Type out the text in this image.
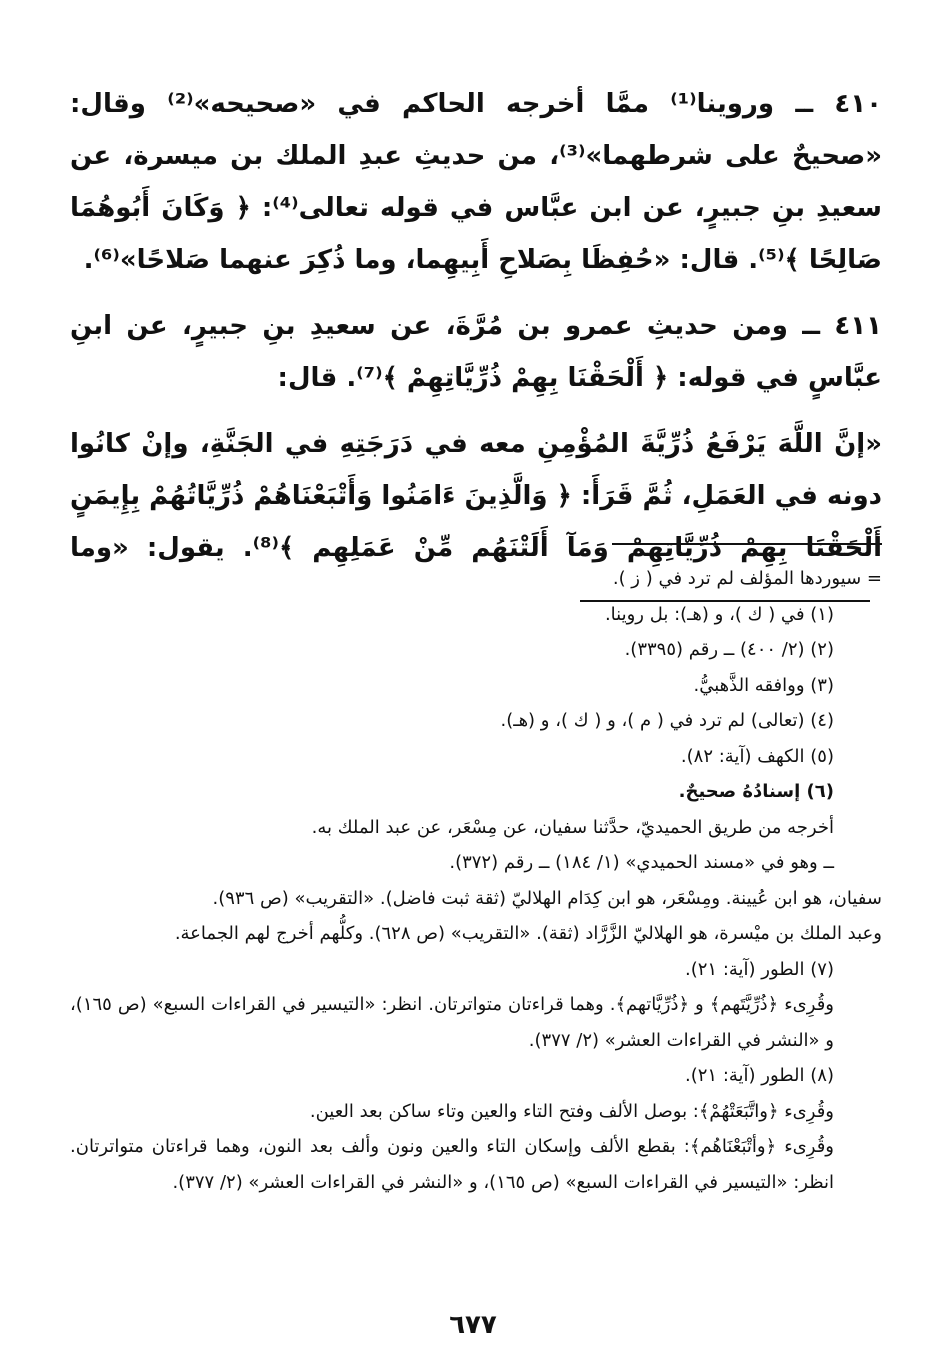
٤١٠ ــ وروينا⁽¹⁾ ممَّا أخرجه الحاكم في «صحيحه»⁽²⁾ وقال: «صحيحٌ على شرطهما»⁽³⁾، من حديثِ عبدِ الملك بن ميسرة، عن سعيدِ بنِ جبيرٍ، عن ابن عبَّاس في قوله تعالى⁽⁴⁾: ﴿ وَكَانَ أَبُوهُمَا صَالِحًا ﴾⁽⁵⁾. قال: «حُفِظَا بِصَلاحِ أَبِيهِما، وما ذُكِرَ عنهما صَلاحًا»⁽⁶⁾.

٤١١ ــ ومن حديثِ عمرو بن مُرَّةَ، عن سعيدِ بنِ جبيرٍ، عن ابنِ عبَّاسٍ في قوله: ﴿ أَلْحَقْنَا بِهِمْ ذُرِّيَّاتِهِمْ ﴾⁽⁷⁾. قال:

«إنَّ اللَّهَ يَرْفَعُ ذُرِّيَّةَ المُؤْمِنِ معه في دَرَجَتِهِ في الجَنَّةِ، وإنْ كانُوا دونه في العَمَلِ، ثُمَّ قَرَأَ: ﴿ وَالَّذِينَ ءَامَنُوا وَأَتْبَعْنَاهُمْ ذُرِّيَّاتُهُمْ بِإِيمَنٍ أَلْحَقْنَا بِهِمْ ذُرِّيَّاتِهِمْ وَمَآ أَلَتْنَهُم مِّنْ عَمَلِهِم ﴾⁽⁸⁾. يقول: «وما

= سيوردها المؤلف لم ترد في ( ز ).

(١) في ( ك )، و (هـ): بل روينا.

(٢) (٢/ ٤٠٠) ــ رقم (٣٣٩٥).

(٣) ووافقه الذَّهبيُّ.

(٤) (تعالى) لم ترد في ( م )، و ( ك )، و (هـ).

(٥) الكهف (آية: ٨٢).

(٦) إسنادُهُ صحيحٌ.

أخرجه من طريق الحميديّ، حدَّثنا سفيان، عن مِسْعَر، عن عبد الملك به.

ــ وهو في «مسند الحميدي» (١/ ١٨٤) ــ رقم (٣٧٢).

سفيان، هو ابن عُيينة. ومِسْعَر، هو ابن كِدَام الهلاليّ (ثقة ثبت فاضل). «التقريب» (ص ٩٣٦).

وعبد الملك بن ميْسرة، هو الهلاليّ الزَّرَّاد (ثقة). «التقريب» (ص ٦٢٨). وكلُّهم أخرج لهم الجماعة.

(٧) الطور (آية: ٢١).

وقُرِىء ﴿ذُرِّيَّتَهم﴾ و ﴿ذُرِّيَّاتهم﴾. وهما قراءتان متواترتان. انظر: «التيسير في القراءات السبع» (ص ١٦٥)، و «النشر في القراءات العشر» (٢/ ٣٧٧).

(٨) الطور (آية: ٢١).

وقُرِىء ﴿واتَّبَعَتْهُمْ﴾: بوصل الألف وفتح التاء والعين وتاء ساكن بعد العين.

وقُرِىء ﴿وأتْبَعْنَاهُم﴾: بقطع الألف وإسكان التاء والعين ونون وألف بعد النون، وهما قراءتان متواترتان. انظر: «التيسير في القراءات السبع» (ص ١٦٥)، و «النشر في القراءات العشر» (٢/ ٣٧٧).

٦٧٧
